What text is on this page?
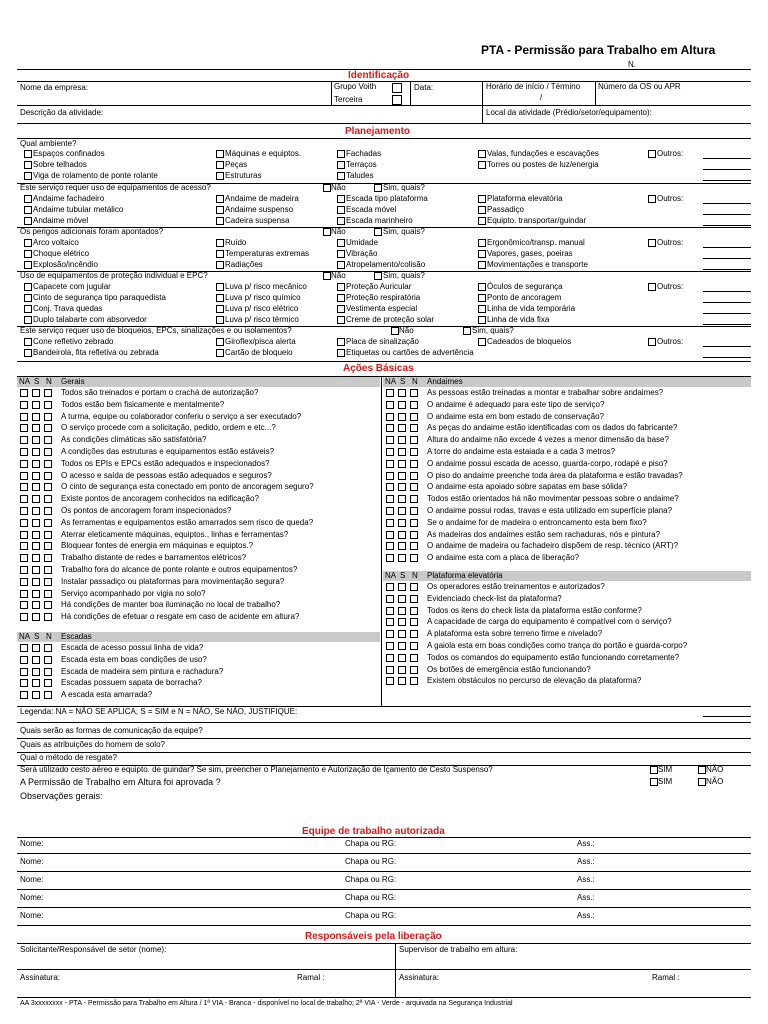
PTA - Permissão para Trabalho em Altura
N.
Identificação
Nome da empresa:	Grupo Voith
Terceira
Data:	Horário de início / Término
/
Número da OS ou APR
Descrição da atividade:	Local da atividade (Prédio/setor/equipamento):
Planejamento
Ações Básicas
Equipe de trabalho autorizada
Responsáveis pela liberação
Solicitante/Responsável de setor (nome):	Supervisor de trabalho em altura:
Assinatura:	Ramal :	Assinatura:	Ramal :
AA 3xxxxxxxx - PTA - Permissão para Trabalho em Altura / 1ª VIA - Branca - disponível no local de trabalho; 2ª VIA - Verde - arquivada na Segurança Industrial
Qual ambiente?
Espaços confinados	Máquinas e equiptos.	Fachadas	Valas, fundações e escavações
Sobre telhados	Peças	Terraços	Torres ou postes de luz/energia
Viga de rolamento de ponte rolante	Estruturas	Taludes
Outros:
Este serviço requer uso de equipamentos de acesso?	Não	Sim, quais?
Andaime fachadeiro	Andaime de madeira	Escada tipo plataforma	Plataforma elevatória
Andaime tubular metálico	Andaime suspenso	Escada móvel	Passadiço
Andaime móvel	Cadeira suspensa	Escada marinheiro	Equipto. transportar/guindar
Outros:
Os perigos adicionais foram apontados?	Não	Sim, quais?
Arco voltaico	Ruído	Umidade	Ergonômico/transp. manual
Choque elétrico	Temperaturas extremas	Vibração	Vapores, gases, poeiras
Explosão/incêndio	Radiações	Atropelamento/colisão	Movimentações e transporte
Outros:
Uso de equipamentos de proteção individual e EPC?	Não	Sim, quais?
Capacete com jugular	Luva p/ risco mecânico	Proteção Auricular	Óculos de segurança
Cinto de segurança tipo paraquedista	Luva p/ risco químico	Proteção respiratória	Ponto de ancoragem
Conj. Trava quedas	Luva p/ risco elétrico	Vestimenta especial	Linha de vida temporária
Duplo talabarte com absorvedor	Luva p/ risco térmico	Creme de proteção solar	Linha de vida fixa
Outros:
Este serviço requer uso de bloqueios, EPCs, sinalizações e ou isolamentos?	Não	Sim, quais?
Cone refletivo zebrado	Giroflex/pisca alerta	Placa de sinalização	Cadeados de bloqueios
Bandeirola, fita refletiva ou zebrada	Cartão de bloqueio	Etiquetas ou cartões de advertência
Outros:
NA S N Gerais
Todos são treinados e portam o crachá de autorização?
Todos estão bem fisicamente e mentalmente?
A turma, equipe ou colaborador conferiu o serviço a ser executado?
O serviço procede com a solicitação, pedido, ordem e etc...?
As condições climáticas são satisfatória?
A condições das estruturas e equipamentos estão estáveis?
Todos os EPIs e EPCs estão adequados e inspecionados?
O acesso e saída de pessoas estão adequados e seguros?
O cinto de segurança esta conectado em ponto de ancoragem seguro?
Existe pontos de ancoragem conhecidos na edificação?
Os pontos de ancoragem foram inspecionados?
As ferramentas e equipamentos estão amarrados sem risco de queda?
Aterrar eleticamente máquinas, equiptos., linhas e ferramentas?
Bloquear fontes de energia em máquinas e equiptos.?
Trabalho distante de redes e barramentos elétricos?
Trabalho fora do alcance de ponte rolante e outros equipamentos?
Instalar passadiço ou plataformas para movimentação segura?
Serviço acompanhado por vigia no solo?
Há condições de manter boa iluminação no local de trabalho?
Há condições de efetuar o resgate em caso de acidente em altura?
NA S N Escadas
Escada de acesso possui linha de vida?
Escada esta em boas condições de uso?
Escada de madeira sem pintura e rachadura?
Escadas possuem sapata de borracha?
A escada esta amarrada?
NA S N Andaimes
As pessoas estão treinadas a montar e trabalhar sobre andaimes?
O andaime é adequado para este tipo de serviço?
O andaime esta em bom estado de conservação?
As peças do andaime estão identificadas com os dados do fabricante?
Altura do andaime não excede 4 vezes a menor dimensão da base?
A torre do andaime esta estaiada e a cada 3 metros?
O andaime possui escada de acesso, guarda-corpo, rodapé e piso?
O piso do andaime preenche toda área da plataforma e estão travadas?
O andaime esta apoiado sobre sapatas em base sólida?
Todos estão orientados há não movimentar pessoas sobre o andaime?
O andaime possui rodas, travas e esta utilizado em superfície plana?
Se o andaime for de madeira o entroncamento esta bem fixo?
As madeiras dos andaimes estão sem rachaduras, nós e pintura?
O andaime de madeira ou fachadeiro dispõem de resp. técnico (ART)?
O andaime esta com a placa de liberação?
NA S N Plataforma elevatória
Os operadores estão treinamentos e autorizados?
Evidenciado check-list da plataforma?
Todos os itens do check lista da plataforma estão conforme?
A capacidade de carga do equipamento é compatível com o serviço?
A plataforma esta sobre terreno firme e nivelado?
A gaiola esta em boas condições como trança do portão e guarda-corpo?
Todos os comandos do equipamento estão funcionando corretamente?
Os botões de emergência estão funcionando?
Existem obstáculos no percurso de elevação da plataforma?
Legenda: NA = NÃO SE APLICA, S = SIM e N = NÃO, Se NÃO, JUSTIFIQUE:
Quais serão as formas de comunicação da equipe?
Quais as atribuições do homem de solo?
Qual o método de resgate?
Será utilizado cesto aéreo e equipto. de guindar? Se sim, preencher o Planejamento e Autorização de Içamento de Cesto Suspenso?	SIM	NÃO
A Permissão de Trabalho em Altura foi aprovada ?	SIM	NÃO
Observações gerais:
Nome:	Chapa ou RG:	Ass.:
Nome:	Chapa ou RG:	Ass.:
Nome:	Chapa ou RG:	Ass.:
Nome:	Chapa ou RG:	Ass.:
Nome:	Chapa ou RG:	Ass.:
